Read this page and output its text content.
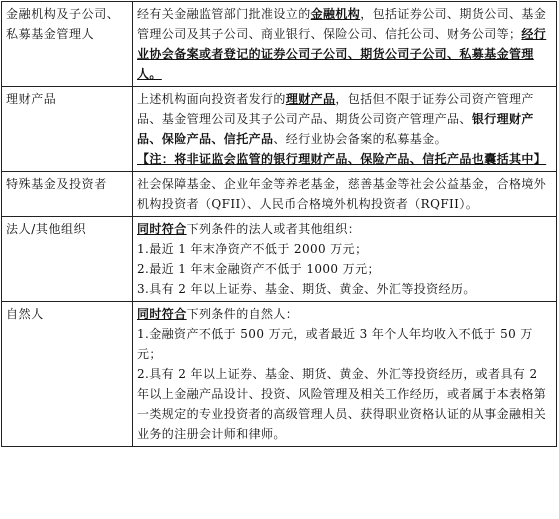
金融机构及子公司、私募基金管理人	经有关金融监管部门批准设立的金融机构，包括证券公司、期货公司、基金管理公司及其子公司、商业银行、保险公司、信托公司、财务公司等；经行业协会备案或者登记的证券公司子公司、期货公司子公司、私募基金管理人。
理财产品	上述机构面向投资者发行的理财产品，包括但不限于证券公司资产管理产品、基金管理公司及其子公司产品、期货公司资产管理产品、银行理财产品、保险产品、信托产品、经行业协会备案的私募基金。
【注：将非证监会监管的银行理财产品、保险产品、信托产品也囊括其中】
特殊基金及投资者	社会保障基金、企业年金等养老基金，慈善基金等社会公益基金，合格境外机构投资者（QFII）、人民币合格境外机构投资者（RQFII）。
法人/其他组织	同时符合下列条件的法人或者其他组织：
1.最近 1 年末净资产不低于 2000 万元；
2.最近 1 年末金融资产不低于 1000 万元；
3.具有 2 年以上证券、基金、期货、黄金、外汇等投资经历。
自然人	同时符合下列条件的自然人：
1.金融资产不低于 500 万元，或者最近 3 年个人年均收入不低于 50 万元；
2.具有 2 年以上证券、基金、期货、黄金、外汇等投资经历，或者具有 2 年以上金融产品设计、投资、风险管理及相关工作经历，或者属于本表格第一类规定的专业投资者的高级管理人员、获得职业资格认证的从事金融相关业务的注册会计师和律师。
